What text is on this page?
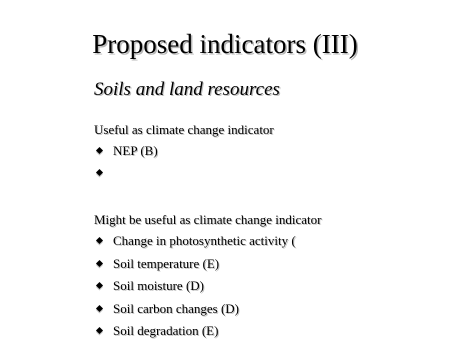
Proposed indicators (III)
Soils and land resources
Useful as climate change indicator
NEP (B)
Might be useful as climate change indicator
Change in photosynthetic activity (
Soil temperature (E)
Soil moisture (D)
Soil carbon changes (D)
Soil degradation (E)
